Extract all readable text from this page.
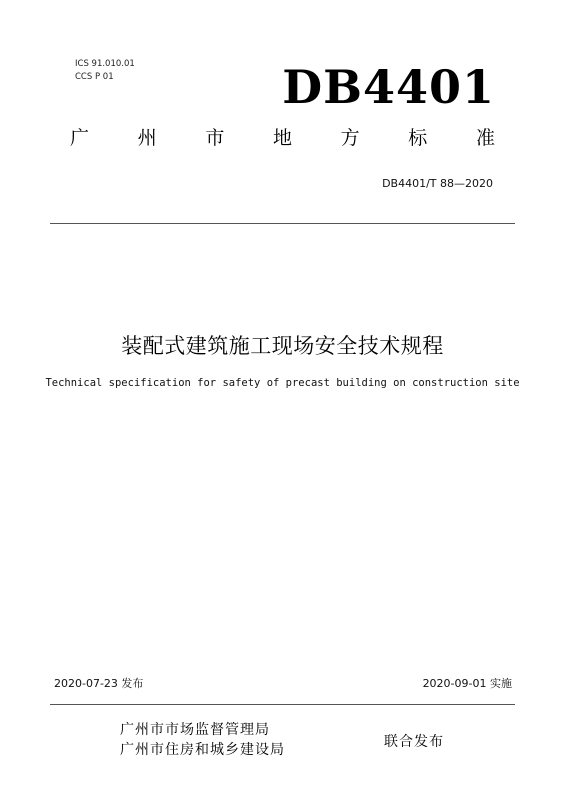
ICS 91.010.01
CCS P 01	DB4401
广	州	市	地	方	标	准
DB4401/T 88—2020
装配式建筑施工现场安全技术规程
Technical specification for safety of precast building on construction site
2020-07-23 发布	2020-09-01 实施
广州市市场监督管理局
广州市住房和城乡建设局	联合发布
